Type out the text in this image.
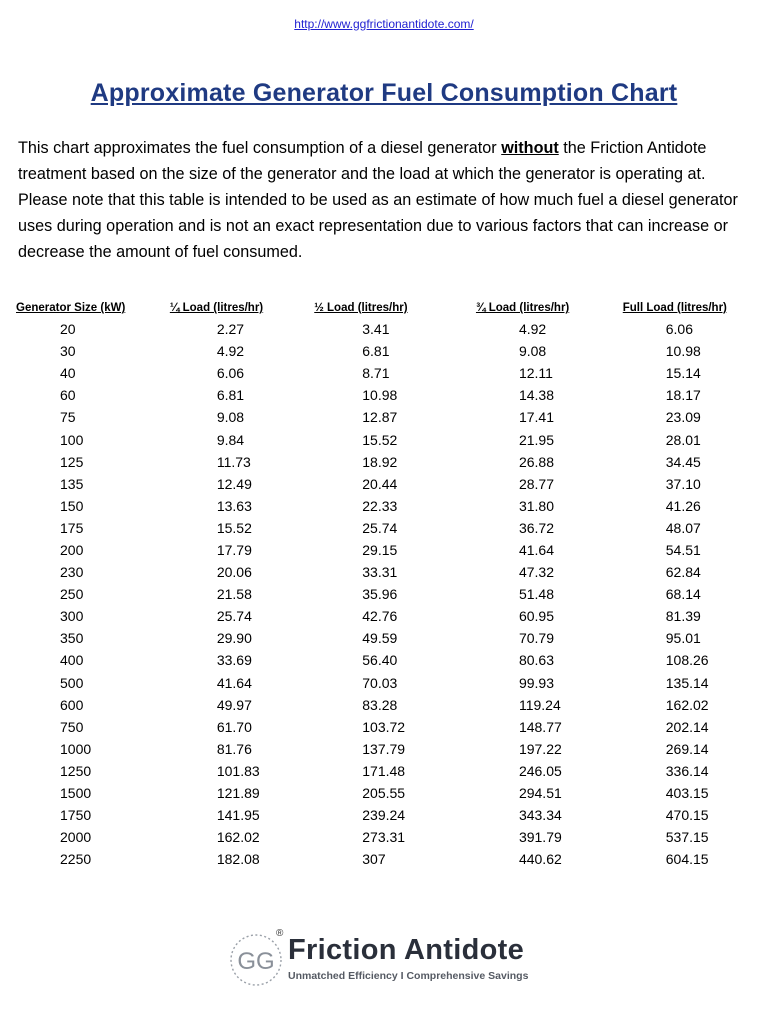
http://www.ggfrictionantidote.com/
Approximate Generator Fuel Consumption Chart

This chart approximates the fuel consumption of a diesel generator without the Friction Antidote treatment based on the size of the generator and the load at which the generator is operating at. Please note that this table is intended to be used as an estimate of how much fuel a diesel generator uses during operation and is not an exact representation due to various factors that can increase or decrease the amount of fuel consumed.

Generator Size (kW)	¼ Load (litres/hr)	½ Load (litres/hr)	¾ Load (litres/hr)	Full Load (litres/hr)
20	2.27	3.41	4.92	6.06
30	4.92	6.81	9.08	10.98
40	6.06	8.71	12.11	15.14
60	6.81	10.98	14.38	18.17
75	9.08	12.87	17.41	23.09
100	9.84	15.52	21.95	28.01
125	11.73	18.92	26.88	34.45
135	12.49	20.44	28.77	37.10
150	13.63	22.33	31.80	41.26
175	15.52	25.74	36.72	48.07
200	17.79	29.15	41.64	54.51
230	20.06	33.31	47.32	62.84
250	21.58	35.96	51.48	68.14
300	25.74	42.76	60.95	81.39
350	29.90	49.59	70.79	95.01
400	33.69	56.40	80.63	108.26
500	41.64	70.03	99.93	135.14
600	49.97	83.28	119.24	162.02
750	61.70	103.72	148.77	202.14
1000	81.76	137.79	197.22	269.14
1250	101.83	171.48	246.05	336.14
1500	121.89	205.55	294.51	403.15
1750	141.95	239.24	343.34	470.15
2000	162.02	273.31	391.79	537.15
2250	182.08	307	440.62	604.15
GG
®
Friction Antidote
Unmatched Efficiency I Comprehensive Savings
